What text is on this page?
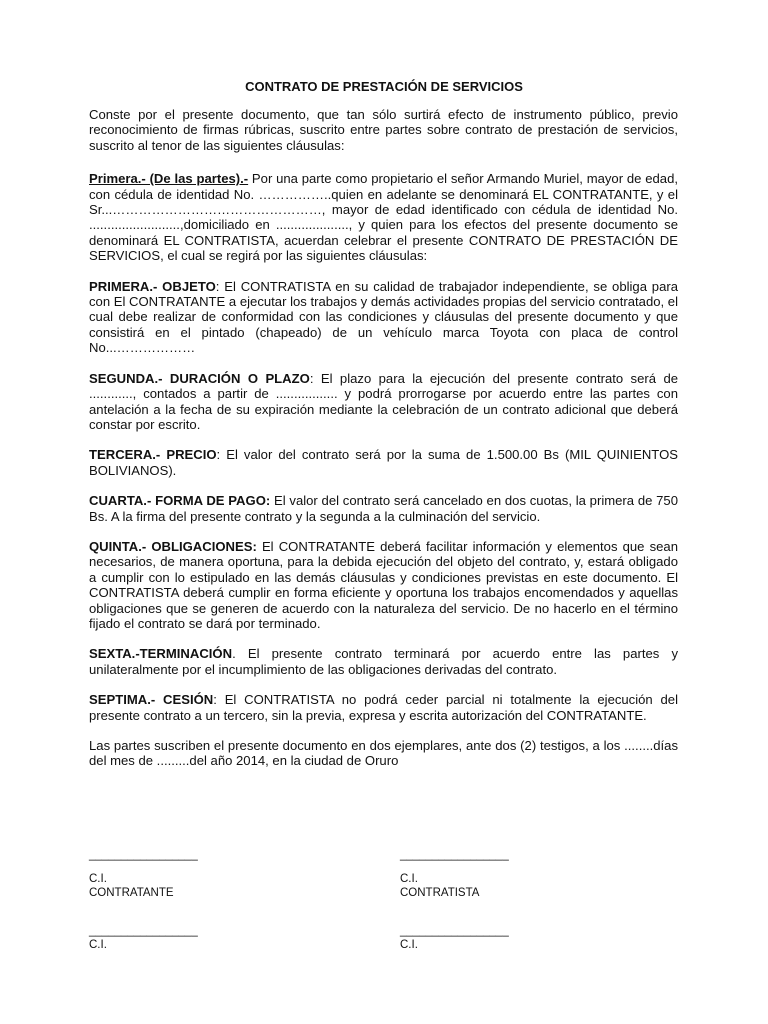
CONTRATO DE PRESTACIÓN DE SERVICIOS

Conste por el presente documento, que tan sólo surtirá efecto de instrumento público, previo reconocimiento de firmas rúbricas, suscrito entre partes sobre contrato de prestación de servicios, suscrito al tenor de las siguientes cláusulas:

Primera.- (De las partes).- Por una parte como propietario el señor Armando Muriel, mayor de edad, con cédula de identidad No. ……………..quien en adelante se denominará EL CONTRATANTE, y el Sr...…………………………………………, mayor de edad identificado con cédula de identidad No. .........................,domiciliado en ...................., y quien para los efectos del presente documento se denominará EL CONTRATISTA, acuerdan celebrar el presente CONTRATO DE PRESTACIÓN DE SERVICIOS, el cual se regirá por las siguientes cláusulas:

PRIMERA.- OBJETO: El CONTRATISTA en su calidad de trabajador independiente, se obliga para con El CONTRATANTE a ejecutar los trabajos y demás actividades propias del servicio contratado, el cual debe realizar de conformidad con las condiciones y cláusulas del presente documento y que consistirá en el pintado (chapeado) de un vehículo marca Toyota con placa de control No...………………

SEGUNDA.- DURACIÓN O PLAZO: El plazo para la ejecución del presente contrato será de ............, contados a partir de ................. y podrá prorrogarse por acuerdo entre las partes con antelación a la fecha de su expiración mediante la celebración de un contrato adicional que deberá constar por escrito.

TERCERA.- PRECIO: El valor del contrato será por la suma de 1.500.00 Bs (MIL QUINIENTOS BOLIVIANOS).

CUARTA.- FORMA DE PAGO: El valor del contrato será cancelado en dos cuotas, la primera de 750 Bs. A la firma del presente contrato y la segunda a la culminación del servicio.

QUINTA.- OBLIGACIONES: El CONTRATANTE deberá facilitar información y elementos que sean necesarios, de manera oportuna, para la debida ejecución del objeto del contrato, y, estará obligado a cumplir con lo estipulado en las demás cláusulas y condiciones previstas en este documento. El CONTRATISTA deberá cumplir en forma eficiente y oportuna los trabajos encomendados y aquellas obligaciones que se generen de acuerdo con la naturaleza del servicio. De no hacerlo en el término fijado el contrato se dará por terminado.

SEXTA.-TERMINACIÓN. El presente contrato terminará por acuerdo entre las partes y unilateralmente por el incumplimiento de las obligaciones derivadas del contrato.

SEPTIMA.- CESIÓN: El CONTRATISTA no podrá ceder parcial ni totalmente la ejecución del presente contrato a un tercero, sin la previa, expresa y escrita autorización del CONTRATANTE.

Las partes suscriben el presente documento en dos ejemplares, ante dos (2) testigos, a los ........días del mes de .........del año 2014, en la ciudad de Oruro

_________________
C.I.
CONTRATANTE
_________________
C.I.
CONTRATISTA
_________________
C.I.
_________________
C.I.
